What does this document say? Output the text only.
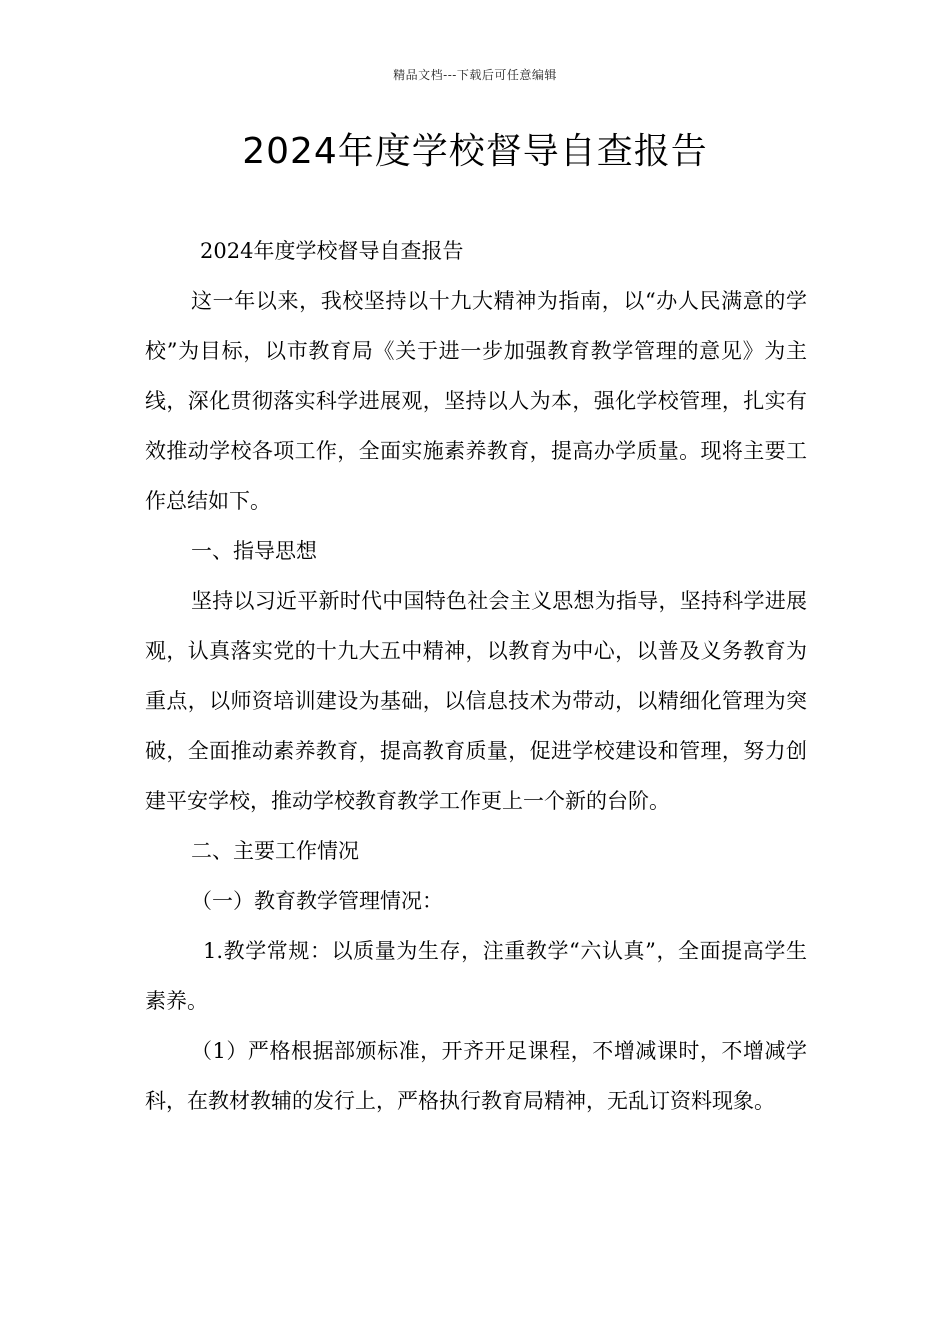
精品文档---下载后可任意编辑
2024年度学校督导自查报告

2024年度学校督导自查报告

这一年以来，我校坚持以十九大精神为指南，以“办人民满意的学校”为目标，以市教育局《关于进一步加强教育教学管理的意见》为主线，深化贯彻落实科学进展观，坚持以人为本，强化学校管理，扎实有效推动学校各项工作，全面实施素养教育，提高办学质量。现将主要工作总结如下。

一、指导思想

坚持以习近平新时代中国特色社会主义思想为指导，坚持科学进展观，认真落实党的十九大五中精神，以教育为中心，以普及义务教育为重点，以师资培训建设为基础，以信息技术为带动，以精细化管理为突破，全面推动素养教育，提高教育质量，促进学校建设和管理，努力创建平安学校，推动学校教育教学工作更上一个新的台阶。

二、主要工作情况

（一）教育教学管理情况：

1.教学常规：以质量为生存，注重教学“六认真”，全面提高学生素养。

（1）严格根据部颁标准，开齐开足课程，不增减课时，不增减学科，在教材教辅的发行上，严格执行教育局精神，无乱订资料现象。
